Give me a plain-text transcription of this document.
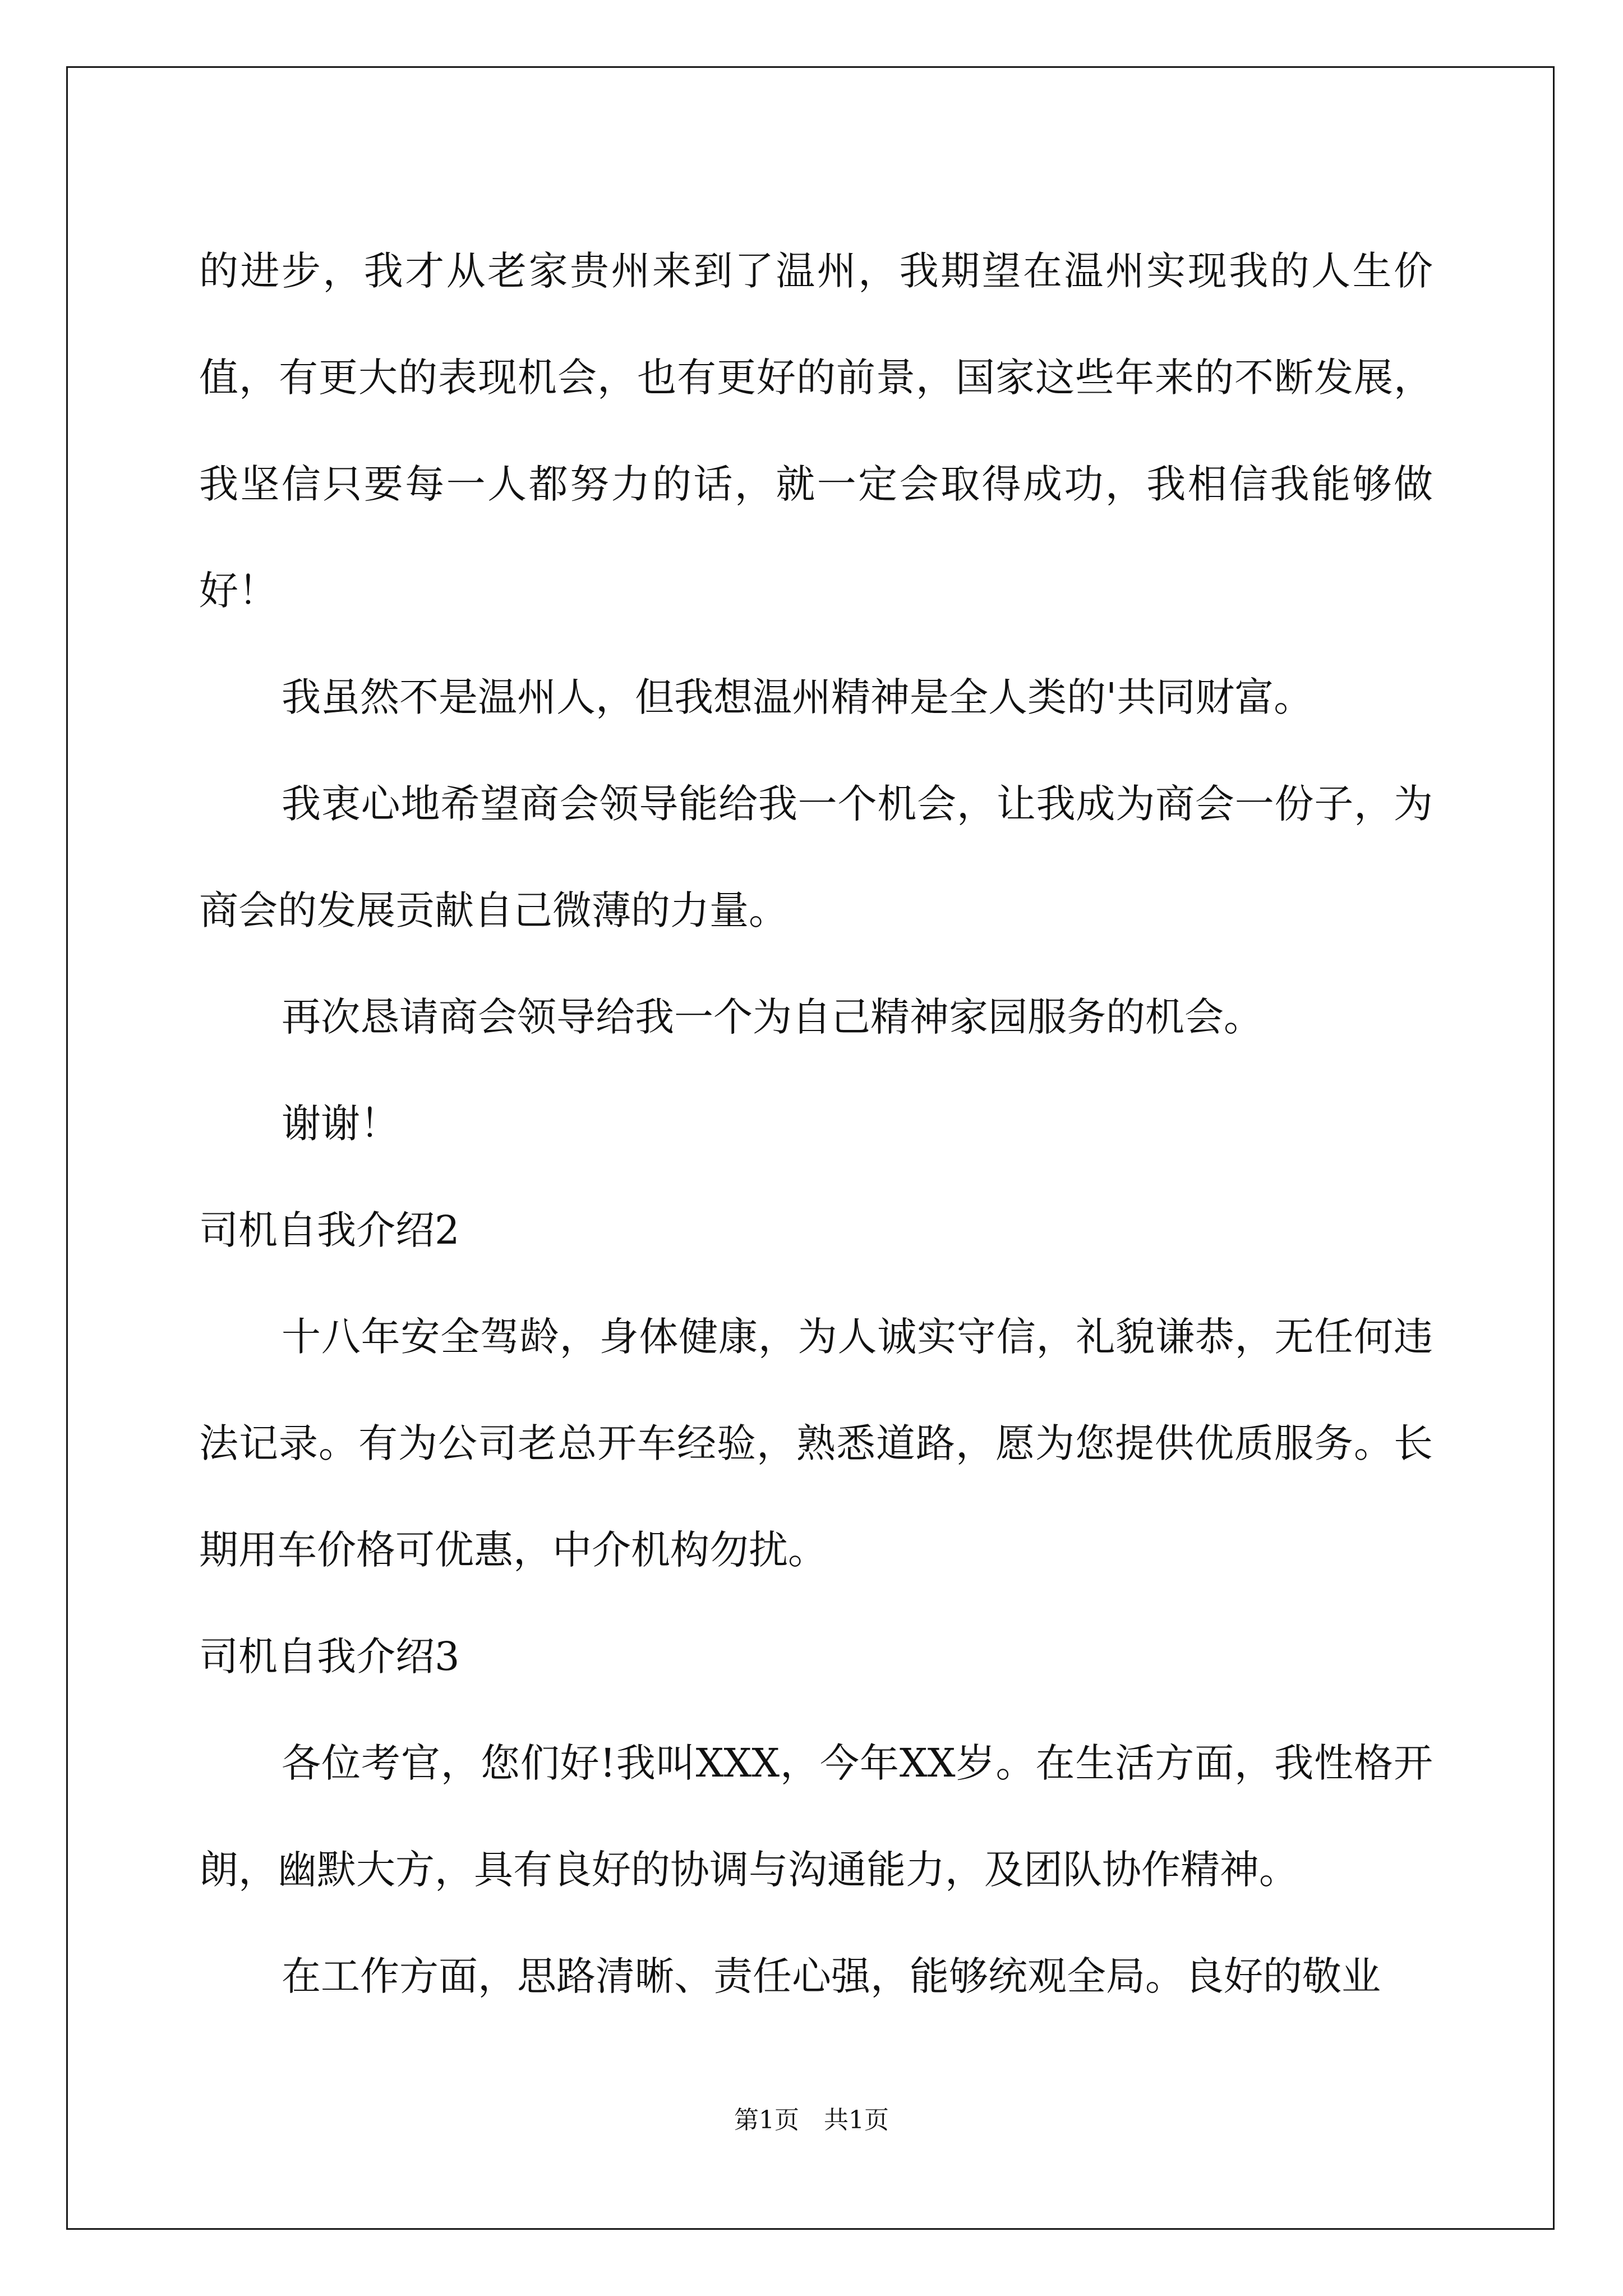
的进步，我才从老家贵州来到了温州，我期望在温州实现我的人生价值，有更大的表现机会，也有更好的前景，国家这些年来的不断发展，我坚信只要每一人都努力的话，就一定会取得成功，我相信我能够做好！

我虽然不是温州人，但我想温州精神是全人类的'共同财富。

我衷心地希望商会领导能给我一个机会，让我成为商会一份子，为商会的发展贡献自己微薄的力量。

再次恳请商会领导给我一个为自己精神家园服务的机会。

谢谢！

司机自我介绍2

十八年安全驾龄，身体健康，为人诚实守信，礼貌谦恭，无任何违法记录。有为公司老总开车经验，熟悉道路，愿为您提供优质服务。长期用车价格可优惠，中介机构勿扰。

司机自我介绍3

各位考官，您们好!我叫XXX，今年XX岁。在生活方面，我性格开朗，幽默大方，具有良好的协调与沟通能力，及团队协作精神。

在工作方面，思路清晰、责任心强，能够统观全局。良好的敬业

第1页　共1页
